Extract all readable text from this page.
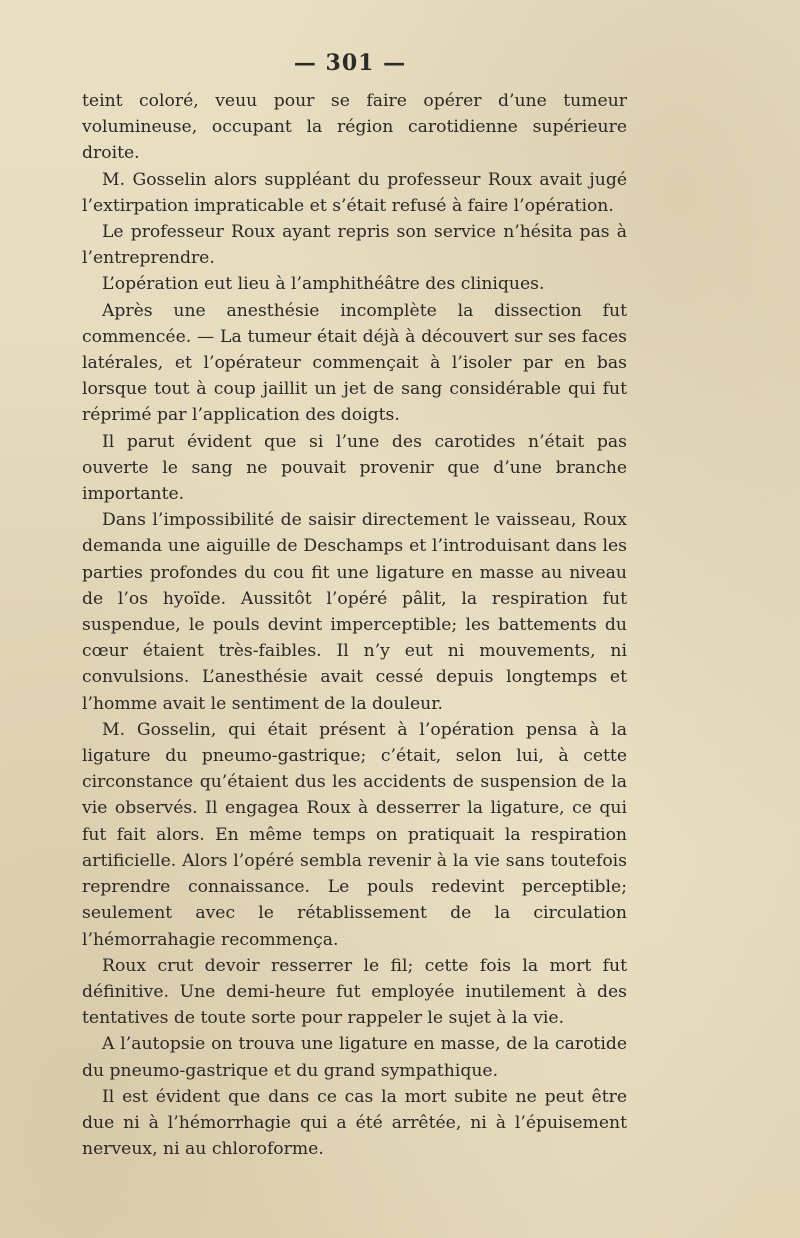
— 301 —

teint coloré, veuu pour se faire opérer d’une tumeur volumineuse, occupant la région carotidienne supérieure droite.

M. Gosselin alors suppléant du professeur Roux avait jugé l’extirpation impraticable et s’était refusé à faire l’opération.

Le professeur Roux ayant repris son service n’hésita pas à l’entreprendre.

L’opération eut lieu à l’amphithéâtre des cliniques.

Après une anesthésie incomplète la dissection fut commencée. — La tumeur était déjà à découvert sur ses faces latérales, et l’opérateur commençait à l’isoler par en bas lorsque tout à coup jaillit un jet de sang considérable qui fut réprimé par l’application des doigts.

Il parut évident que si l’une des carotides n’était pas ouverte le sang ne pouvait provenir que d’une branche importante.

Dans l’impossibilité de saisir directement le vaisseau, Roux demanda une aiguille de Deschamps et l’introduisant dans les parties profondes du cou fit une ligature en masse au niveau de l’os hyoïde. Aussitôt l’opéré pâlit, la respiration fut suspendue, le pouls devint imperceptible; les battements du cœur étaient très-faibles. Il n’y eut ni mouvements, ni convulsions. L’anesthésie avait cessé depuis longtemps et l’homme avait le sentiment de la douleur.

M. Gosselin, qui était présent à l’opération pensa à la ligature du pneumo-gastrique; c’était, selon lui, à cette circonstance qu’étaient dus les accidents de suspension de la vie observés. Il engagea Roux à desserrer la ligature, ce qui fut fait alors. En même temps on pratiquait la respiration artificielle. Alors l’opéré sembla revenir à la vie sans toutefois reprendre connaissance. Le pouls redevint perceptible; seulement avec le rétablissement de la circulation l’hémorrahagie recommença.

Roux crut devoir resserrer le fil; cette fois la mort fut définitive. Une demi-heure fut employée inutilement à des tentatives de toute sorte pour rappeler le sujet à la vie.

A l’autopsie on trouva une ligature en masse, de la carotide du pneumo-gastrique et du grand sympathique.

Il est évident que dans ce cas la mort subite ne peut être due ni à l’hémorrhagie qui a été arrêtée, ni à l’épuisement nerveux, ni au chloroforme.
